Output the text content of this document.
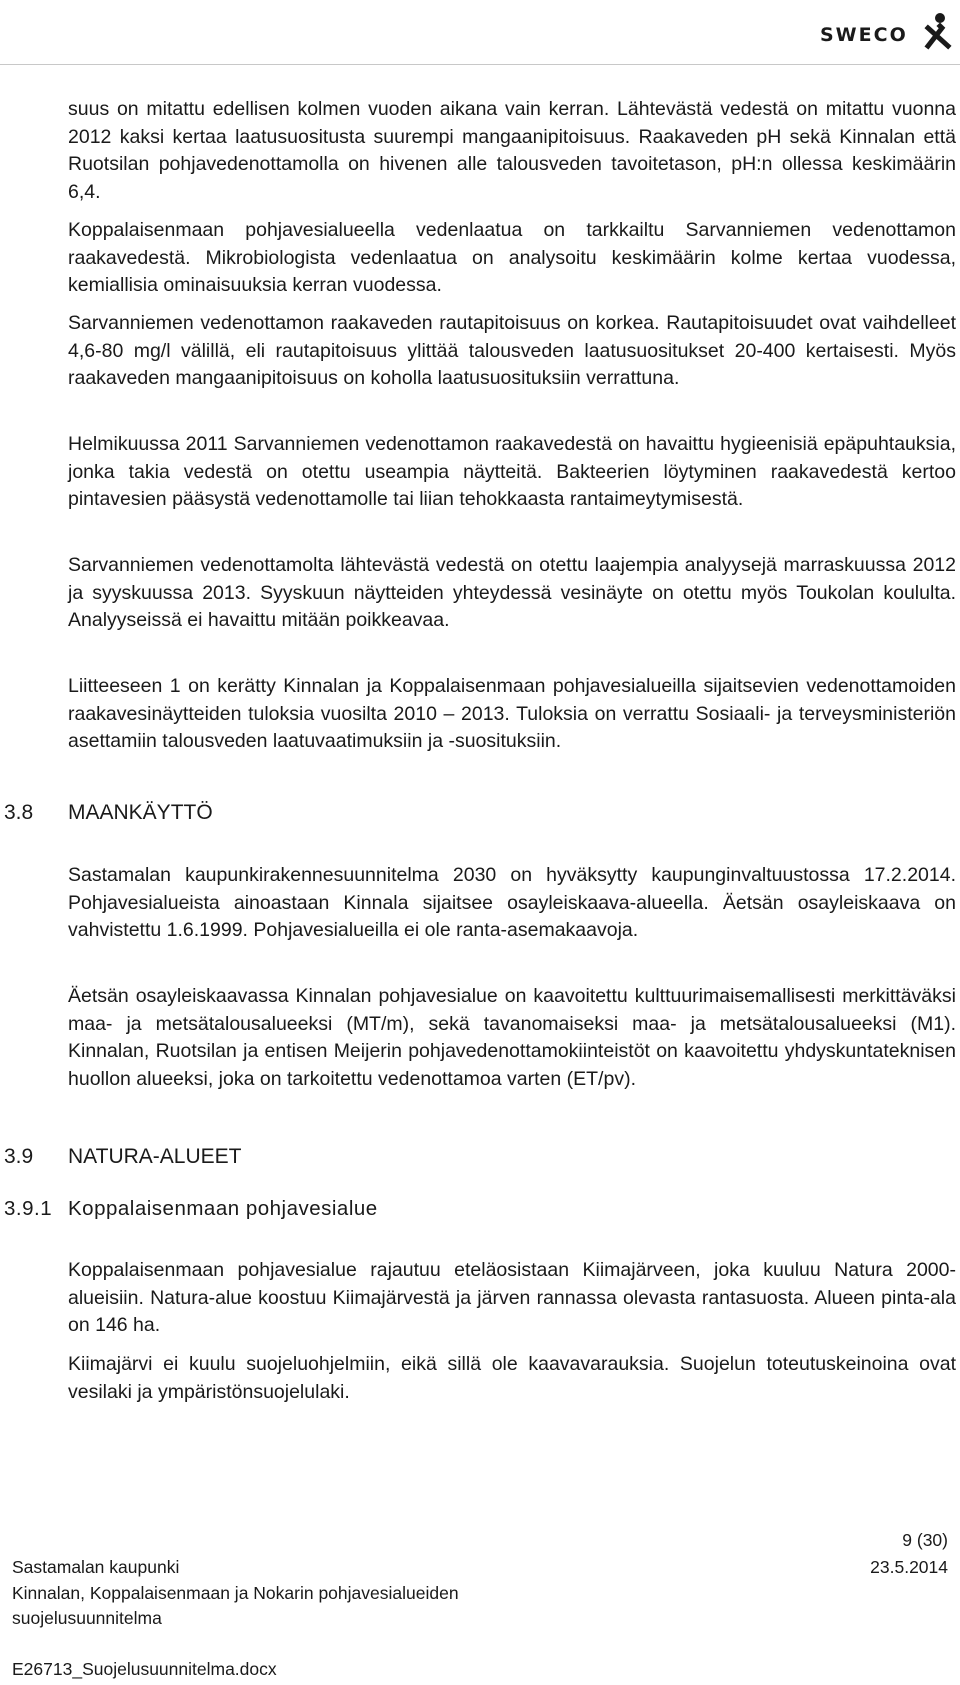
SWECO

suus on mitattu edellisen kolmen vuoden aikana vain kerran. Lähtevästä vedestä on mitattu vuonna 2012 kaksi kertaa laatusuositusta suurempi mangaanipitoisuus. Raakaveden pH sekä Kinnalan että Ruotsilan pohjavedenottamolla on hivenen alle talousveden tavoitetason, pH:n ollessa keskimäärin 6,4.

Koppalaisenmaan pohjavesialueella vedenlaatua on tarkkailtu Sarvanniemen vedenottamon raakavedestä. Mikrobiologista vedenlaatua on analysoitu keskimäärin kolme kertaa vuodessa, kemiallisia ominaisuuksia kerran vuodessa.

Sarvanniemen vedenottamon raakaveden rautapitoisuus on korkea. Rautapitoisuudet ovat vaihdelleet 4,6-80 mg/l välillä, eli rautapitoisuus ylittää talousveden laatusuositukset 20-400 kertaisesti. Myös raakaveden mangaanipitoisuus on koholla laatusuosituksiin verrattuna.

Helmikuussa 2011 Sarvanniemen vedenottamon raakavedestä on havaittu hygieenisiä epäpuhtauksia, jonka takia vedestä on otettu useampia näytteitä. Bakteerien löytyminen raakavedestä kertoo pintavesien pääsystä vedenottamolle tai liian tehokkaasta rantaimeytymisestä.

Sarvanniemen vedenottamolta lähtevästä vedestä on otettu laajempia analyysejä marraskuussa 2012 ja syyskuussa 2013. Syyskuun näytteiden yhteydessä vesinäyte on otettu myös Toukolan koululta. Analyyseissä ei havaittu mitään poikkeavaa.

Liitteeseen 1 on kerätty Kinnalan ja Koppalaisenmaan pohjavesialueilla sijaitsevien vedenottamoiden raakavesinäytteiden tuloksia vuosilta 2010 – 2013. Tuloksia on verrattu Sosiaali- ja terveysministeriön asettamiin talousveden laatuvaatimuksiin ja -suosituksiin.

3.8 MAANKÄYTTÖ

Sastamalan kaupunkirakennesuunnitelma 2030 on hyväksytty kaupunginvaltuustossa 17.2.2014. Pohjavesialueista ainoastaan Kinnala sijaitsee osayleiskaava-alueella. Äetsän osayleiskaava on vahvistettu 1.6.1999. Pohjavesialueilla ei ole ranta-asemakaavoja.

Äetsän osayleiskaavassa Kinnalan pohjavesialue on kaavoitettu kulttuurimaisemallisesti merkittäväksi maa- ja metsätalousalueeksi (MT/m), sekä tavanomaiseksi maa- ja metsätalousalueeksi (M1). Kinnalan, Ruotsilan ja entisen Meijerin pohjavedenottamokiinteistöt on kaavoitettu yhdyskuntateknisen huollon alueeksi, joka on tarkoitettu vedenottamoa varten (ET/pv).

3.9 NATURA-ALUEET
3.9.1 Koppalaisenmaan pohjavesialue

Koppalaisenmaan pohjavesialue rajautuu eteläosistaan Kiimajärveen, joka kuuluu Natura 2000-alueisiin. Natura-alue koostuu Kiimajärvestä ja järven rannassa olevasta rantasuosta. Alueen pinta-ala on 146 ha.

Kiimajärvi ei kuulu suojeluohjelmiin, eikä sillä ole kaavavarauksia. Suojelun toteutuskeinoina ovat vesilaki ja ympäristönsuojelulaki.

9 (30)
Sastamalan kaupunki	23.5.2014
Kinnalan, Koppalaisenmaan ja Nokarin pohjavesialueiden
suojelusuunnitelma
E26713_Suojelusuunnitelma.docx
